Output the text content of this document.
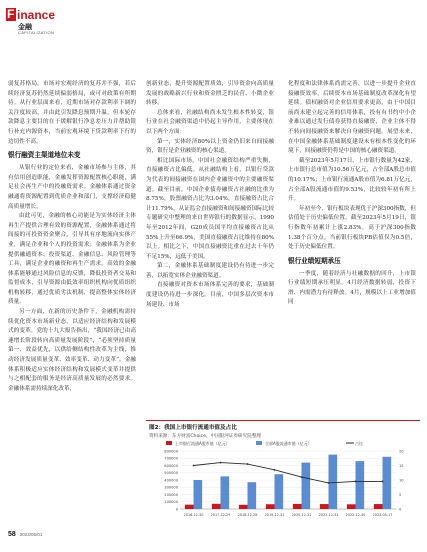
F inance
金融
CAPITALIZATION

弱复苏格局。市场对宏观经济的复苏并不强，若后续经济复苏仍然延续偏弱格局，或可对政策有所期待。从行业层面来看，近期市场对存款利率下调的关注度较高，并由此引发降息预期升温，但本轮存款降息主要目的在于缓解银行净息差压力并帮助银行补充内源资本，当前宏观环境下贷款利率下行的边切性不高。

银行融资主渠道地位未变

从银行业的定位来看，金融市场参与主体，其有信用创造职能，金融发挥资源配置核心职能，满足社会再生产中的投融资需求。金融体系通过资金融通将资源配置到优质企业和部门，支撑经济稳健高质量增长。

由此可见，金融的核心功能是为实体经济主体再生产提供合理有效的资源配置，金融体系通过将间接的可投资资金聚合，引导其有序地流向实体产业，满足企业和个人的投资需求；金融体系为企业提供融通资本、投资渠道、金融信息、风险管理等工具，满足企业的融资和再生产需求。高效的金融体系能够通过风险信息的反馈，降低投资者交易和监督成本，引导资源由低效率组织机构向优质组织机构转移，通过优质劣汰机制，提高整体实体经济质量。

另一方面，在新的历史条件下，金融机构需持续优化资本市场新业态，以适应经济结构和发展模式的变革。党的十九大报告指出，“我国经济已由高速增长阶段转向高质量发展阶段”，“必须坚持质量第一、效益优先，以供给侧结构性改革为主线，推动经济发展质量变革、效率变革、动力变革”。金融体系积极适应实体经济结构和发展模式变革并提供与之相配套的服务是经济高质量发展的必然要求。金融体系需持续深化改革，

创新业态，提升资源配置质效，引导资金向高质量发展的战略新兴行业和资金匮乏的民营、小微企业转移。

总体来看，社融结构尚未发生根本性转变，银行业在社会融资渠道中仍起主导作用，主要体现在以下两个方面：

第一，实体经济80%以上资金仍旧来自间接融资，银行是企业融资的核心渠道。

相比国际市场，中国社会融资结构严重失衡，直接融资占比偏低。从社融结构上看，以银行贷款为代表的间接融资在国内企业融资中的主要融资渠道。截至目前，中国企业债券融资占社融的比重为8.75%，股票融资占比为3.04%，直接融资占比合计11.79%。从证监会直接融资和间接融资国际比较专题研究中整理的来自世界银行的数据显示，1990年至2012年间，G20成员国平均直接融资占比从55%上升至66.9%，美国直接融资占比维持在80%以上。相比之下，中国直接融资比重在过去十年仍不足15%，远低于美国。

第二，金融体系基础制度建设仍有待进一步完善，以拓宽实体企业融资渠道。

直接融资对资本市场体系完善的要求，基础制度建设仍待进一步深化。目前，中国多层次资本市场建设、市场

化程度和法律体系尚需完善，以进一步提升企业直接融资效率，后续资本市场基础制度改革深化有望延续。债权融资对企业信用要求更高，由于中国目前尚未建立起完善的信用体系，投有有书约中小企业难以通过发行债券获得直接融资，企业主体不得不转向间接融资来解决自身融资问题。展望未来，在中国金融体系基础制度建设未有根本性变化的环境下，间接融资仍将是中国的核心融资渠道。

截至2023年5月17日，上市银行数量为42家，上市银行总市值为10.56万亿元，占全部A股总市值的10.17%；上市银行流通A股市值为6.81万亿元，占全部A股流通市值的9.53%，比较较年初有所上升。

年初至今，银行板块表现优于沪深300指数，但估值处于历史偏低位置。截至2023年5月19日，银行指数年初累计上涨2.83%，高于沪深300指数1.38个百分点。当前银行板块PB估值仅为0.5倍，处于历史偏低位置。

银行业绩短期承压

一季度，随着经济与社融数据的回升，上市银行业绩短期承压明显。4月经济数据转弱，投资下滑、内需潜力有待释放。4月，规模以上工业增加值同

图2：我国上市银行流通市值及占比
资料来源：东方财富Choice、中国银河证券研究院整理
上市银行流通A股市值（亿元）	全部A股流通市值（亿元）	占比
0
100000
200000
300000
400000
500000
600000
700000
800000
0
5
10
15
20
2016-12-30 2017-12-29 2018-12-28 2019-12-31 2020-12-31 2021-12-31 2022-12-30 2023-05-17
58 2023/05/01
